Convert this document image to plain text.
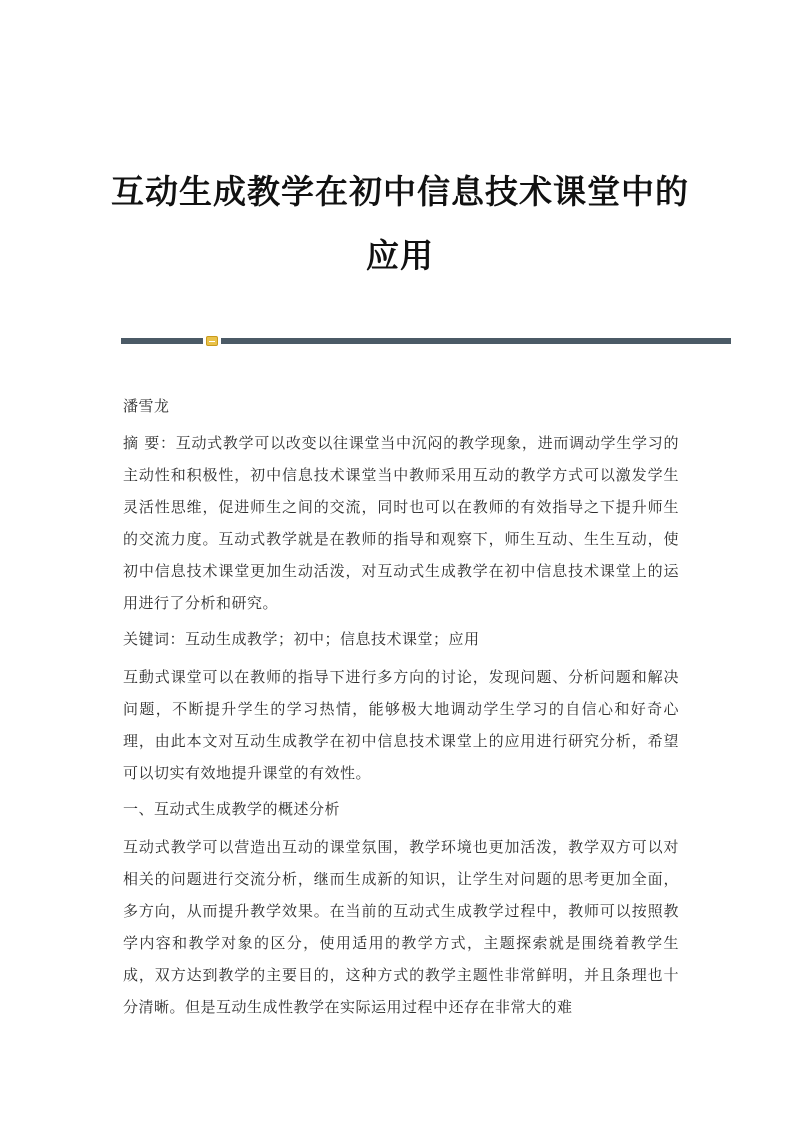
互动生成教学在初中信息技术课堂中的应用

潘雪龙

摘 要：互动式教学可以改变以往课堂当中沉闷的教学现象，进而调动学生学习的主动性和积极性，初中信息技术课堂当中教师采用互动的教学方式可以激发学生灵活性思维，促进师生之间的交流，同时也可以在教师的有效指导之下提升师生的交流力度。互动式教学就是在教师的指导和观察下，师生互动、生生互动，使初中信息技术课堂更加生动活泼，对互动式生成教学在初中信息技术课堂上的运用进行了分析和研究。

关键词：互动生成教学；初中；信息技术课堂；应用

互動式课堂可以在教师的指导下进行多方向的讨论，发现问题、分析问题和解决问题，不断提升学生的学习热情，能够极大地调动学生学习的自信心和好奇心理，由此本文对互动生成教学在初中信息技术课堂上的应用进行研究分析，希望可以切实有效地提升课堂的有效性。

一、互动式生成教学的概述分析

互动式教学可以营造出互动的课堂氛围，教学环境也更加活泼，教学双方可以对相关的问题进行交流分析，继而生成新的知识，让学生对问题的思考更加全面，多方向，从而提升教学效果。在当前的互动式生成教学过程中，教师可以按照教学内容和教学对象的区分，使用适用的教学方式，主题探索就是围绕着教学生成，双方达到教学的主要目的，这种方式的教学主题性非常鲜明，并且条理也十分清晰。但是互动生成性教学在实际运用过程中还存在非常大的难
